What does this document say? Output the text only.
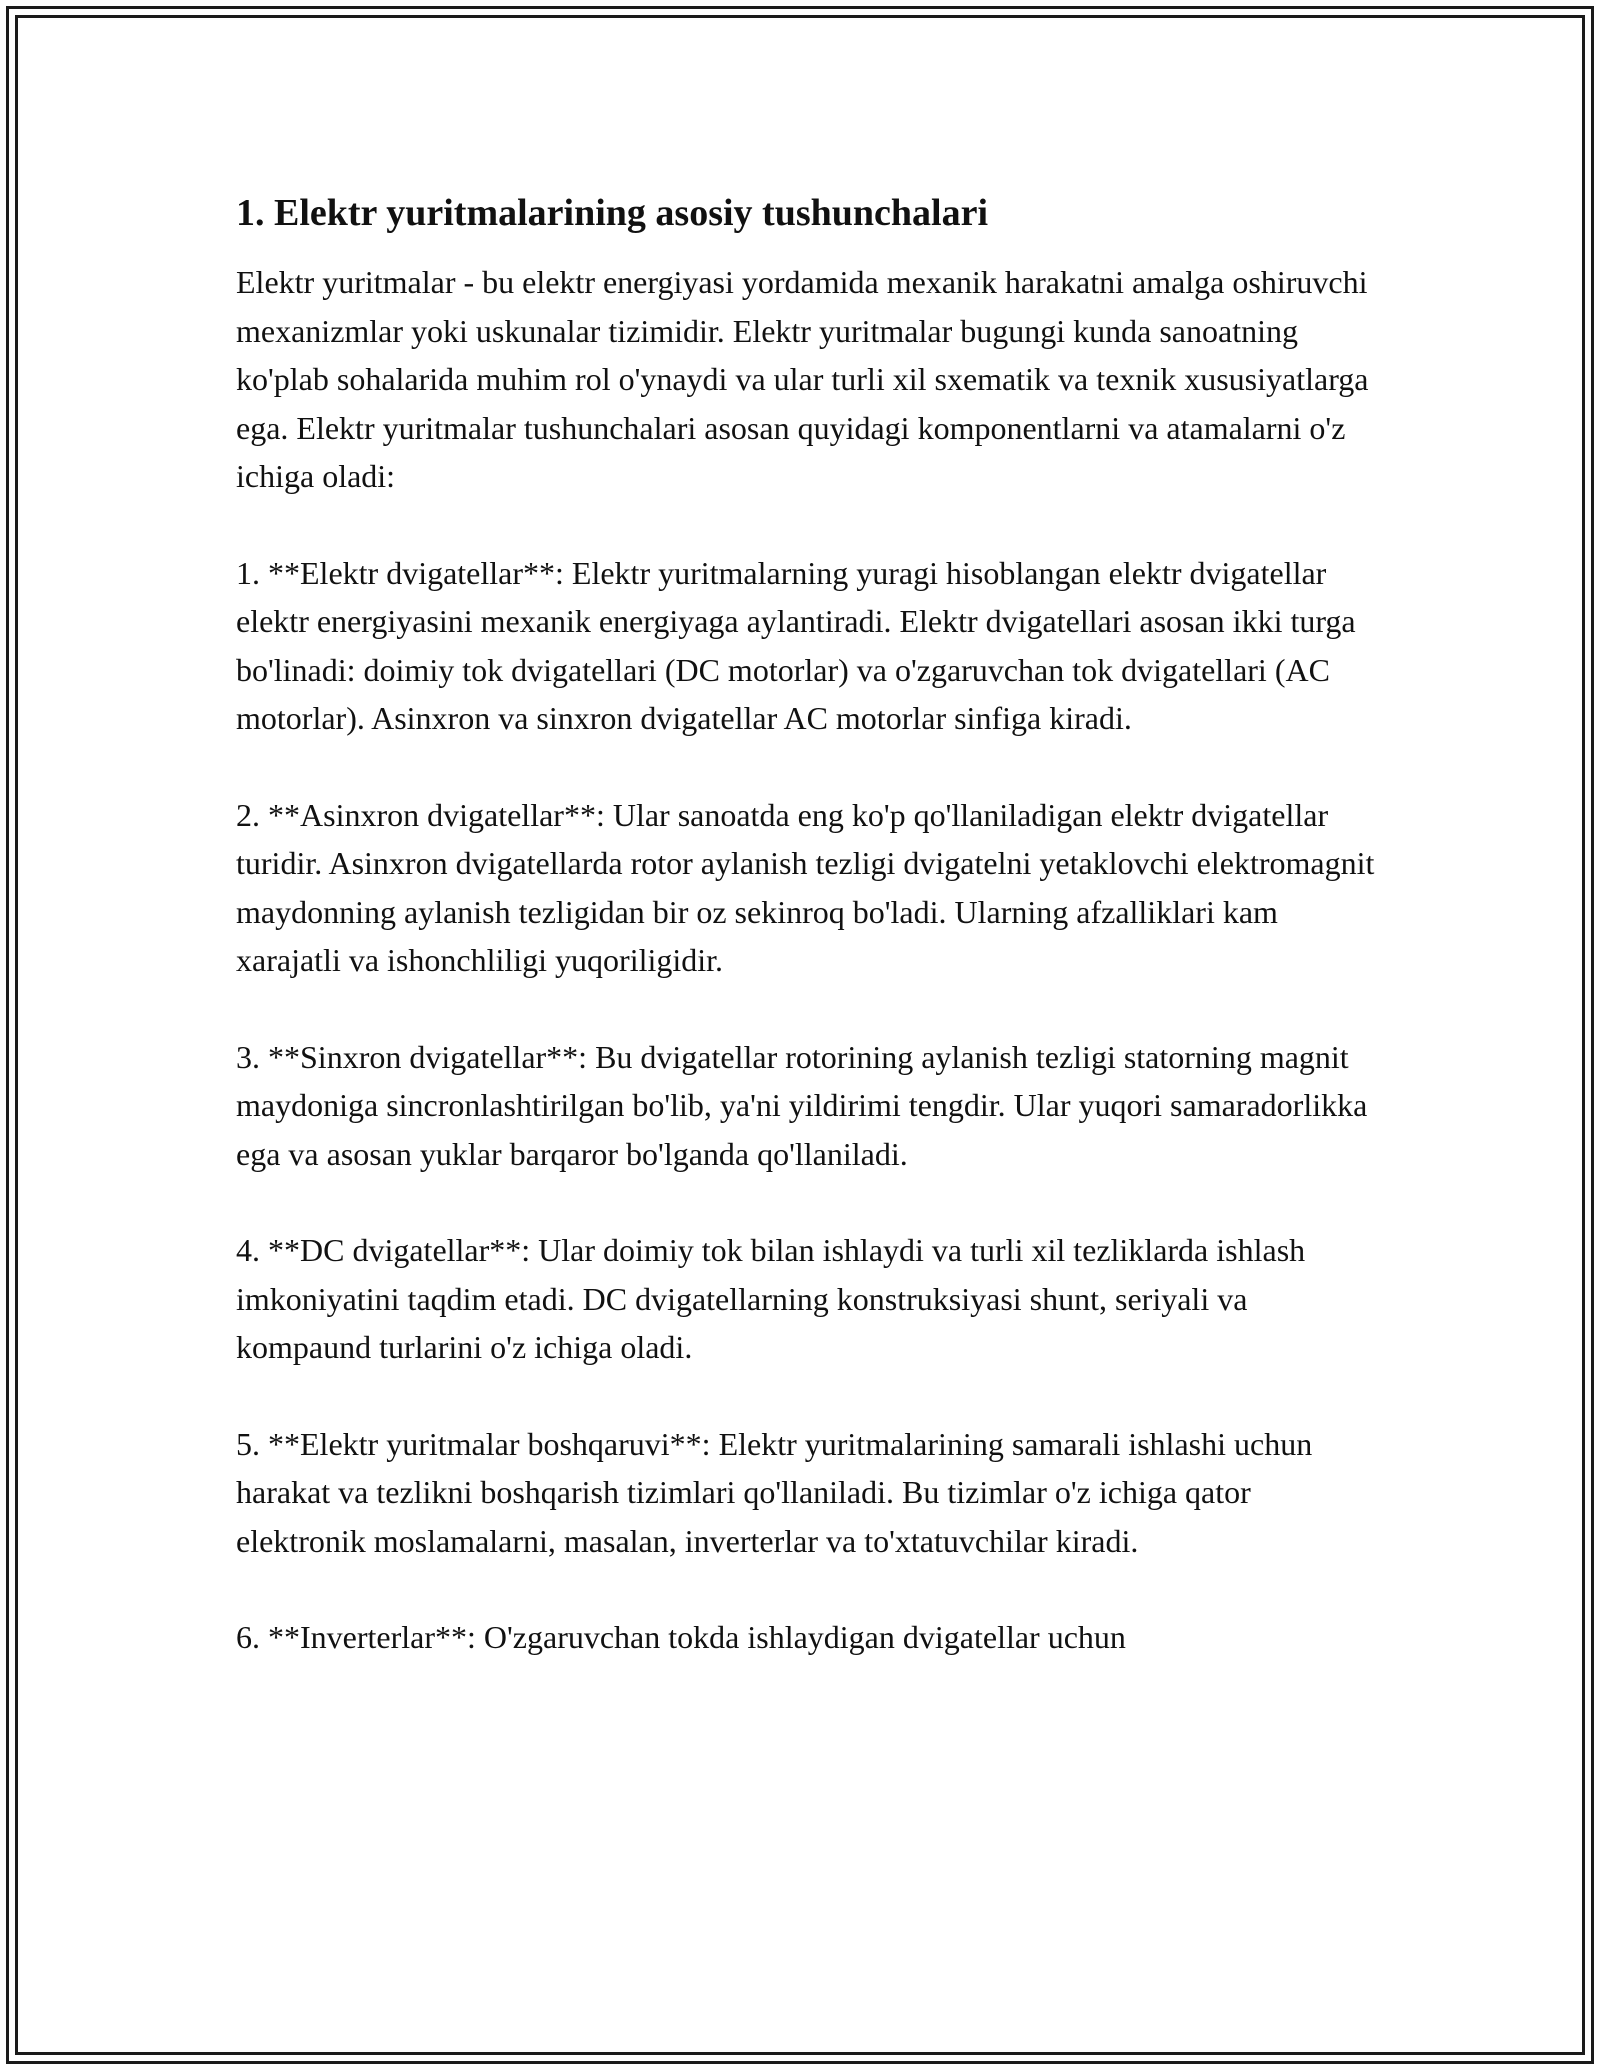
1. Elektr yuritmalarining asosiy tushunchalari

Elektr yuritmalar - bu elektr energiyasi yordamida mexanik harakatni amalga oshiruvchi mexanizmlar yoki uskunalar tizimidir. Elektr yuritmalar bugungi kunda sanoatning ko'plab sohalarida muhim rol o'ynaydi va ular turli xil sxematik va texnik xususiyatlarga ega. Elektr yuritmalar tushunchalari asosan quyidagi komponentlarni va atamalarni o'z ichiga oladi:

1. **Elektr dvigatellar**: Elektr yuritmalarning yuragi hisoblangan elektr dvigatellar elektr energiyasini mexanik energiyaga aylantiradi. Elektr dvigatellari asosan ikki turga bo'linadi: doimiy tok dvigatellari (DC motorlar) va o'zgaruvchan tok dvigatellari (AC motorlar). Asinxron va sinxron dvigatellar AC motorlar sinfiga kiradi.

2. **Asinxron dvigatellar**: Ular sanoatda eng ko'p qo'llaniladigan elektr dvigatellar turidir. Asinxron dvigatellarda rotor aylanish tezligi dvigatelni yetaklovchi elektromagnit maydonning aylanish tezligidan bir oz sekinroq bo'ladi. Ularning afzalliklari kam xarajatli va ishonchliligi yuqoriligidir.

3. **Sinxron dvigatellar**: Bu dvigatellar rotorining aylanish tezligi statorning magnit maydoniga sincronlashtirilgan bo'lib, ya'ni yildirimi tengdir. Ular yuqori samaradorlikka ega va asosan yuklar barqaror bo'lganda qo'llaniladi.

4. **DC dvigatellar**: Ular doimiy tok bilan ishlaydi va turli xil tezliklarda ishlash imkoniyatini taqdim etadi. DC dvigatellarning konstruksiyasi shunt, seriyali va kompaund turlarini o'z ichiga oladi.

5. **Elektr yuritmalar boshqaruvi**: Elektr yuritmalarining samarali ishlashi uchun harakat va tezlikni boshqarish tizimlari qo'llaniladi. Bu tizimlar o'z ichiga qator elektronik moslamalarni, masalan, inverterlar va to'xtatuvchilar kiradi.

6. **Inverterlar**: O'zgaruvchan tokda ishlaydigan dvigatellar uchun
